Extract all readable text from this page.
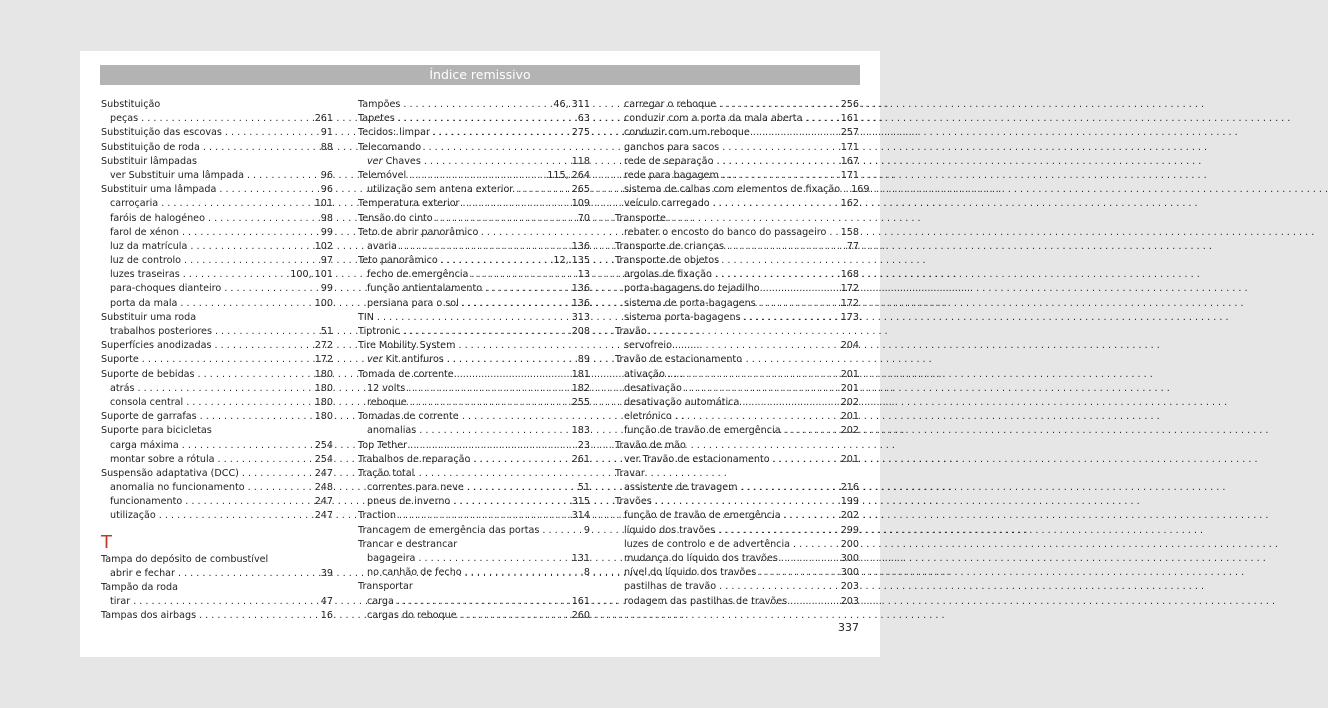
Índice remissivo
Substituição
peças . . .	261
Substituição das escovas . . .	91
Substituição de roda . . .	88
Substituir lâmpadas
ver Substituir uma lâmpada . . .	96
Substituir uma lâmpada . . .	96
carroçaria . . .	101
faróis de halogéneo . . .	98
farol de xénon . . .	99
luz da matrícula . . .	102
luz de controlo . . .	97
luzes traseiras . . .	100, 101
para-choques dianteiro . . .	99
porta da mala . . .	100
Substituir uma roda
trabalhos posteriores . . .	51
Superfícies anodizadas . . .	272
Suporte . . .	172
Suporte de bebidas . . .	180
atrás . . .	180
consola central . . .	180
Suporte de garrafas . . .	180
Suporte para bicicletas
carga máxima . . .	254
montar sobre a rótula . . .	254
Suspensão adaptativa (DCC) . . .	247
anomalia no funcionamento . . .	248
funcionamento . . .	247
utilização . . .	247
T
Tampa do depósito de combustível
abrir e fechar . . .	39
Tampão da roda
tirar . . .	47
Tampas dos airbags . . .	16
Tampões . . .	46, 311
Tapetes . . .	63
Tecidos: limpar . . .	275
Telecomando
ver Chaves . . .	118
Telemóvel . . .	115, 264
utilização sem antena exterior . . .	265
Temperatura exterior . . .	109
Tensão do cinto . . .	70
Teto de abrir panorâmico
avaria . . .	136
Teto panorâmico . . .	12, 135
fecho de emergência . . .	13
função antientalamento . . .	136
persiana para o sol . . .	136
TIN . . .	313
Tiptronic . . .	208
Tire Mobility System
ver Kit antifuros . . .	89
Tomada de corrente . . .	181
12 volts . . .	182
reboque . . .	255
Tomadas de corrente
anomalias . . .	183
Top Tether . . .	23
Trabalhos de reparação . . .	261
Tração total
correntes para neve . . .	51
pneus de inverno . . .	315
Traction . . .	314
Trancagem de emergência das portas . . .	9
Trancar e destrancar
bagageira . . .	131
no canhão de fecho . . .	8
Transportar
carga . . .	161
cargas do reboque . . .	260
carregar o reboque . . .	256
conduzir com a porta da mala aberta . . .	161
conduzir com um reboque . . .	257
ganchos para sacos . . .	171
rede de separação . . .	167
rede para bagagem . . .	171
sistema de calhas com elementos de fixação . . . 169
veículo carregado . . .	162
Transporte
rebater o encosto do banco do passageiro . . . 158
Transporte de crianças . . .	77
Transporte de objetos
argolas de fixação . . .	168
porta-bagagens do tejadilho . . .	172
sistema de porta-bagagens . . .	172
sistema porta-bagagens . . .	173
Travão
servofreio . . .	204
Travão de estacionamento
ativação . . .	201
desativação . . .	201
desativação automática . . .	202
eletrónico . . .	201
função de travão de emergência . . .	202
Travão de mão
ver Travão de estacionamento . . .	201
Travar
assistente de travagem . . .	216
Travões . . .	199
função de travão de emergência . . .	202
líquido dos travões . . .	299
luzes de controlo e de advertência . . .	200
mudança do líquido dos travões . . .	300
nível do líquido dos travões . . .	300
pastilhas de travão . . .	203
rodagem das pastilhas de travões . . .	203
337
